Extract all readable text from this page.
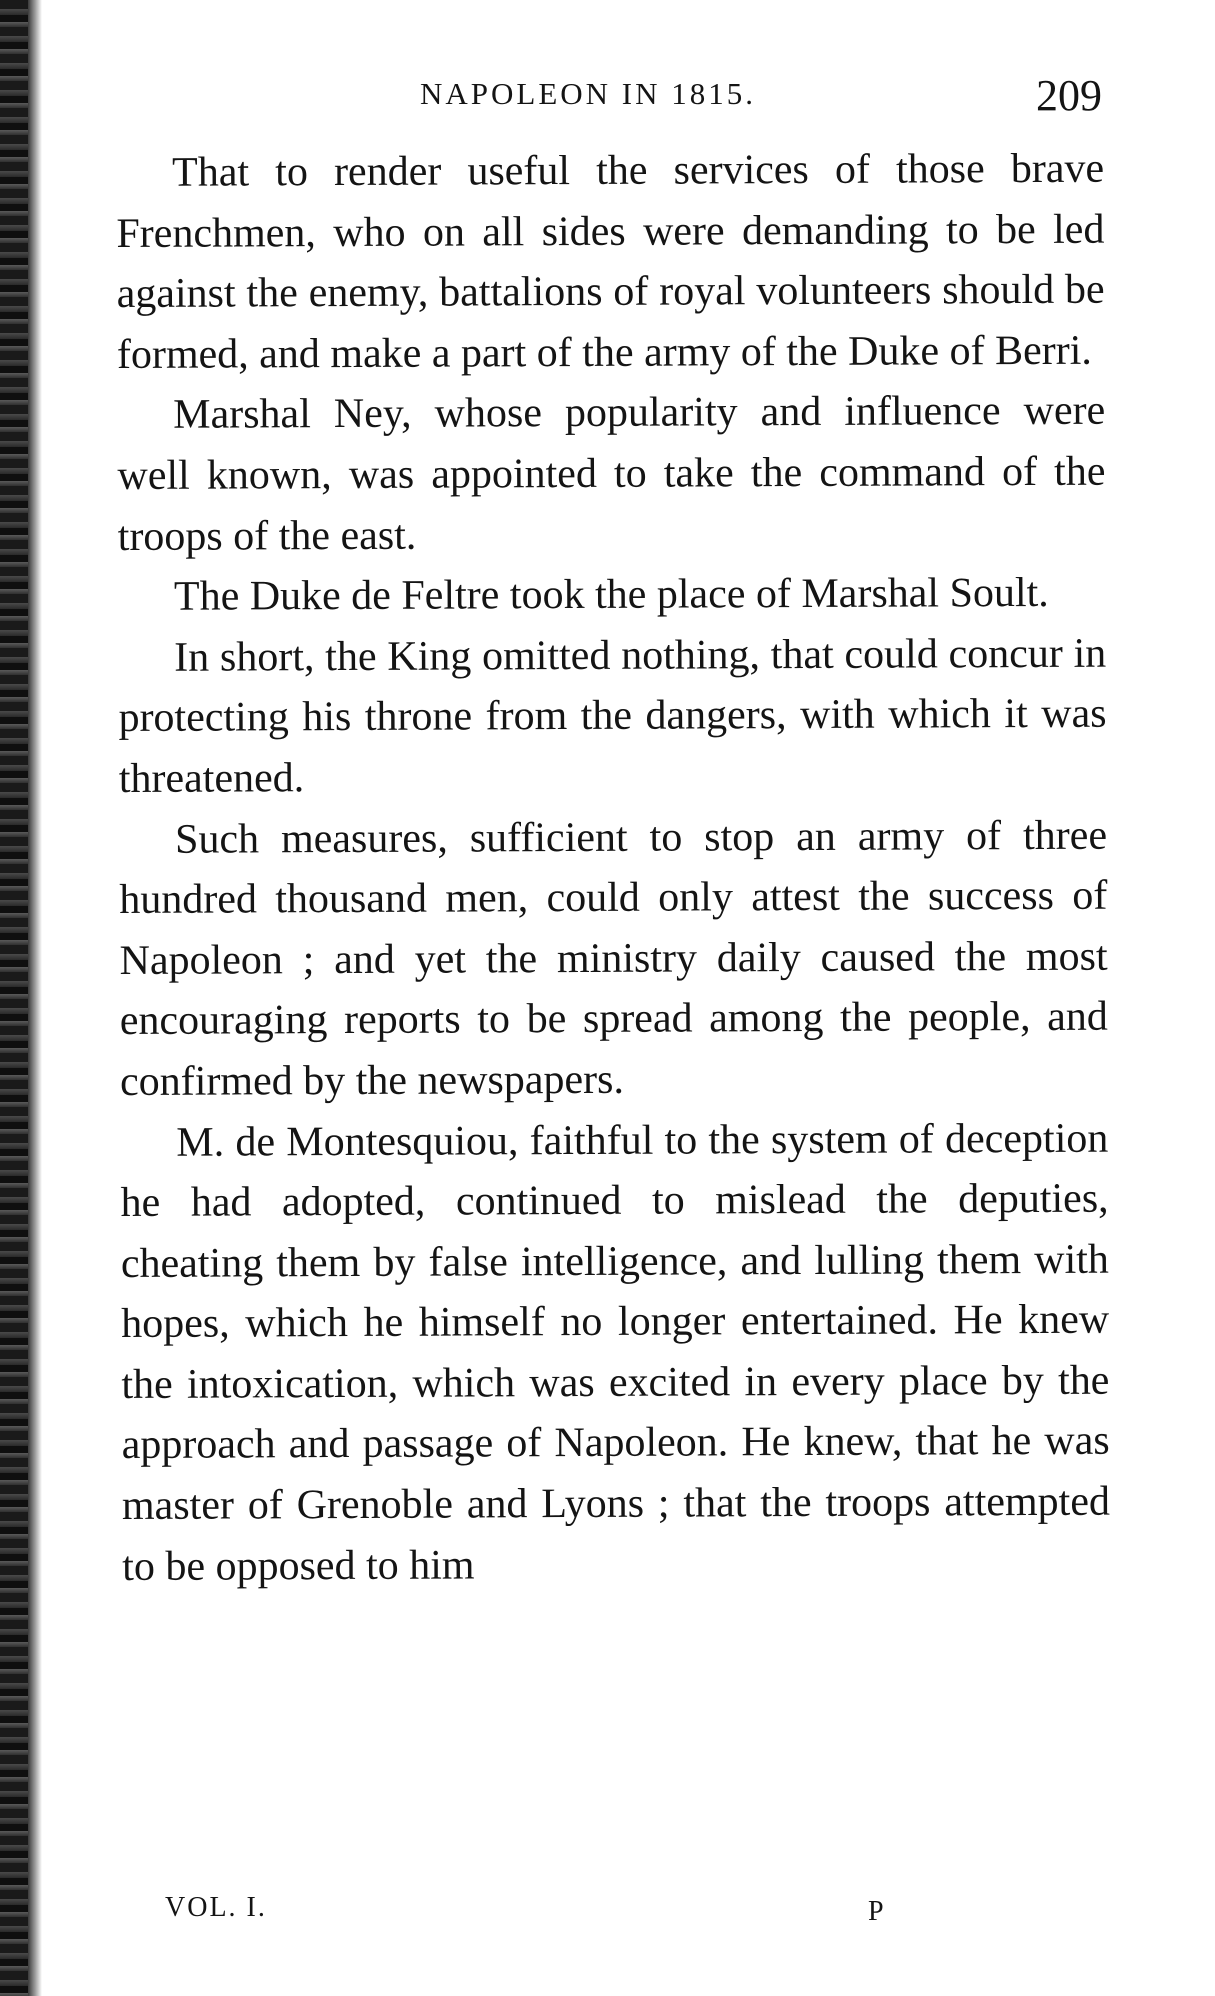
NAPOLEON IN 1815.	209

That to render useful the services of those brave Frenchmen, who on all sides were demanding to be led against the enemy, battalions of royal volunteers should be formed, and make a part of the army of the Duke of Berri.

Marshal Ney, whose popularity and influence were well known, was appointed to take the command of the troops of the east.

The Duke de Feltre took the place of Marshal Soult.

In short, the King omitted nothing, that could concur in protecting his throne from the dangers, with which it was threatened.

Such measures, sufficient to stop an army of three hundred thousand men, could only attest the success of Napoleon ; and yet the ministry daily caused the most encouraging reports to be spread among the people, and confirmed by the newspapers.

M. de Montesquiou, faithful to the system of deception he had adopted, continued to mislead the deputies, cheating them by false intelligence, and lulling them with hopes, which he himself no longer entertained. He knew the intoxication, which was excited in every place by the approach and passage of Napoleon. He knew, that he was master of Grenoble and Lyons ; that the troops attempted to be opposed to him

VOL. I.	P
